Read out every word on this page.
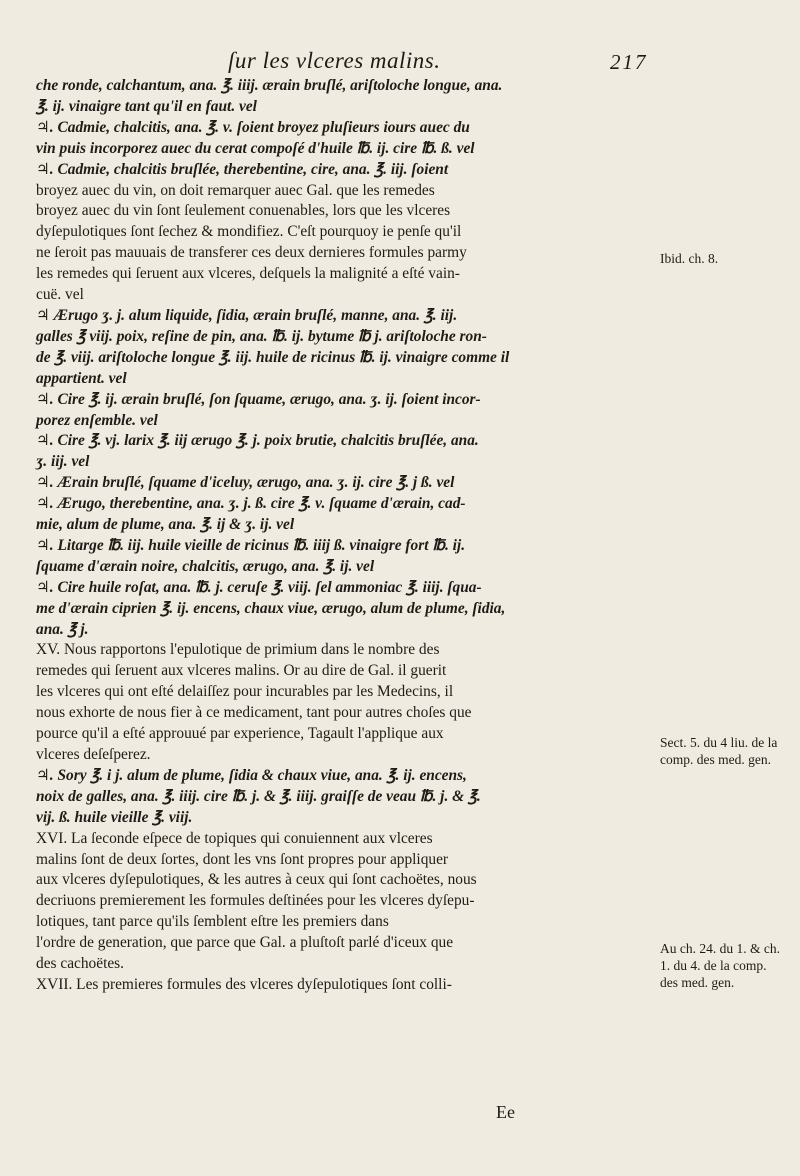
ſur les vlceres malins.	217

che ronde, calchantum, ana. ℥. iiij. ærain bruſlé, ariſtoloche longue, ana.

℥. ij. vinaigre tant qu'il en faut. vel

♃. Cadmie, chalcitis, ana. ℥. v. ſoient broyez pluſieurs iours auec du

vin puis incorporez auec du cerat compoſé d'huile ℔. ij. cire ℔. ß. vel

♃. Cadmie, chalcitis bruſlée, therebentine, cire, ana. ℥. iij. ſoient

broyez auec du vin, on doit remarquer auec Gal. que les remedes

broyez auec du vin ſont ſeulement conuenables, lors que les vlceres

dyſepulotiques ſont ſechez & mondifiez. C'eſt pourquoy ie penſe qu'il

ne ſeroit pas mauuais de transferer ces deux dernieres formules parmy

les remedes qui ſeruent aux vlceres, deſquels la malignité a eſté vain-

cuë. vel

♃ Ærugo ʒ. j. alum liquide, ſidia, ærain bruſlé, manne, ana. ℥. iij.

galles ℥ viij. poix, reſine de pin, ana. ℔. ij. bytume ℔ j. ariſtoloche ron-

de ℥. viij. ariſtoloche longue ℥. iij. huile de ricinus ℔. ij. vinaigre comme il

appartient. vel

♃. Cire ℥. ij. ærain bruſlé, ſon ſquame, ærugo, ana. ʒ. ij. ſoient incor-

porez enſemble. vel

♃. Cire ℥. vj. larix ℥. iij ærugo ℥. j. poix brutie, chalcitis bruſlée, ana.

ʒ. iij. vel

♃. Ærain bruſlé, ſquame d'iceluy, ærugo, ana. ʒ. ij. cire ℥. j ß. vel

♃. Ærugo, therebentine, ana. ʒ. j. ß. cire ℥. v. ſquame d'ærain, cad-

mie, alum de plume, ana. ℥. ij & ʒ. ij. vel

♃. Litarge ℔. iij. huile vieille de ricinus ℔. iiij ß. vinaigre fort ℔. ij.

ſquame d'ærain noire, chalcitis, ærugo, ana. ℥. ij. vel

♃. Cire huile roſat, ana. ℔. j. ceruſe ℥. viij. ſel ammoniac ℥. iiij. ſqua-

me d'ærain ciprien ℥. ij. encens, chaux viue, ærugo, alum de plume, ſidia,

ana. ℥ j.

XV. Nous rapportons l'epulotique de primium dans le nombre des

remedes qui ſeruent aux vlceres malins. Or au dire de Gal. il guerit

les vlceres qui ont eſté delaiſſez pour incurables par les Medecins, il

nous exhorte de nous fier à ce medicament, tant pour autres choſes que

pource qu'il a eſté approuué par experience, Tagault l'applique aux

vlceres deſeſperez.

♃. Sory ℥. i j. alum de plume, ſidia & chaux viue, ana. ℥. ij. encens,

noix de galles, ana. ℥. iiij. cire ℔. j. & ℥. iiij. graiſſe de veau ℔. j. & ℥.

vij. ß. huile vieille ℥. viij.

XVI. La ſeconde eſpece de topiques qui conuiennent aux vlceres

malins ſont de deux ſortes, dont les vns ſont propres pour appliquer

aux vlceres dyſepulotiques, & les autres à ceux qui ſont cachoëtes, nous

decriuons premierement les formules deſtinées pour les vlceres dyſepu-

lotiques, tant parce qu'ils ſemblent eſtre les premiers dans

l'ordre de generation, que parce que Gal. a pluſtoſt parlé d'iceux que

des cachoëtes.

XVII. Les premieres formules des vlceres dyſepulotiques ſont colli-

Ibid. ch. 8.
Sect. 5. du 4 liu. de la comp. des med. gen.
Au ch. 24. du 1. & ch. 1. du 4. de la comp. des med. gen.
Ee
